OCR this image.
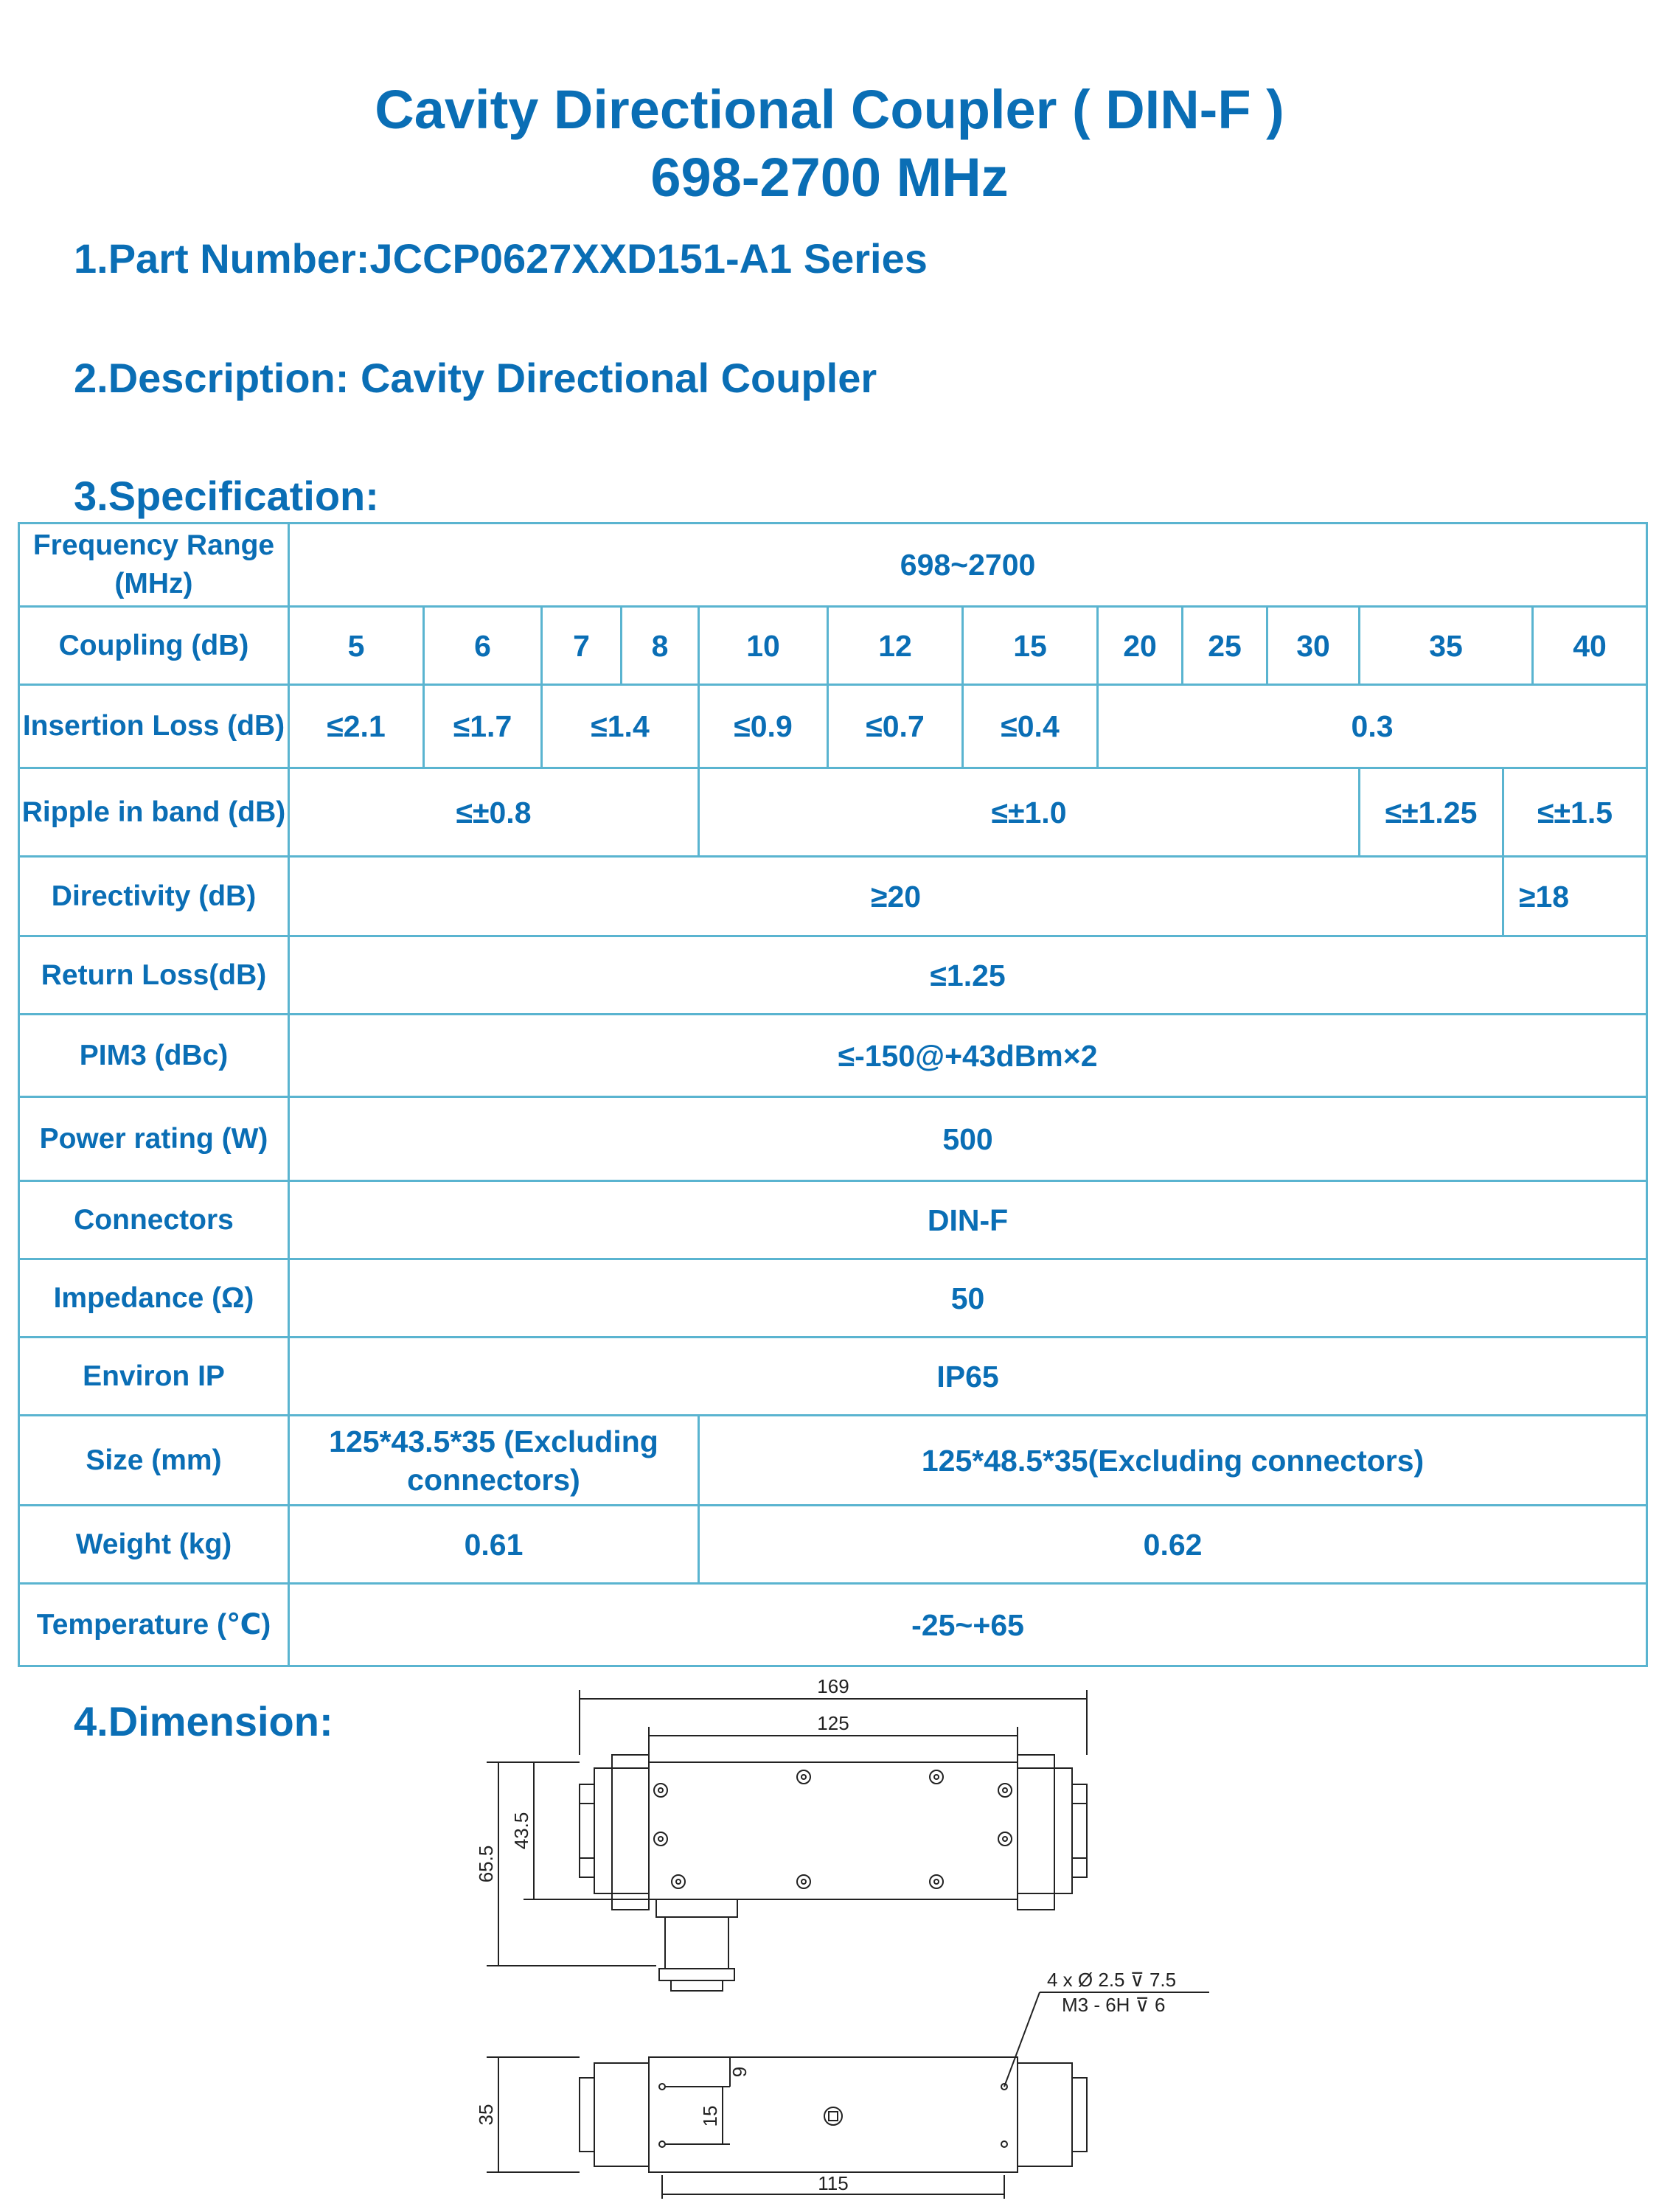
Cavity Directional Coupler ( DIN-F )
698-2700 MHz
1.Part Number:JCCP0627XXD151-A1 Series
2.Description: Cavity Directional Coupler
3.Specification:
Frequency Range(MHz)	698~2700												
Coupling (dB)	5	6	7	8	10	12	15	20	25	30	35		40
Insertion Loss (dB)	≤2.1	≤1.7	≤1.4		≤0.9	≤0.7	≤0.4	0.3					
Ripple in band (dB)	≤±0.8				≤±1.0						≤±1.25	≤±1.5	
Directivity (dB)	≥20											≥18	
Return Loss(dB)	≤1.25												
PIM3 (dBc)	≤-150@+43dBm×2												
Power rating (W)	500												
Connectors	DIN-F												
Impedance (Ω)	50												
Environ IP	IP65												
Size (mm)	125*43.5*35 (Excluding connectors)				125*48.5*35(Excluding connectors)								
Weight (kg)	0.61				0.62								
Temperature (℃)	-25~+65												
4.Dimension:
169
125
65.5
43.5
4 x Ø 2.5 ⊽ 7.5
M3 - 6H ⊽ 6
35
9
15
115
